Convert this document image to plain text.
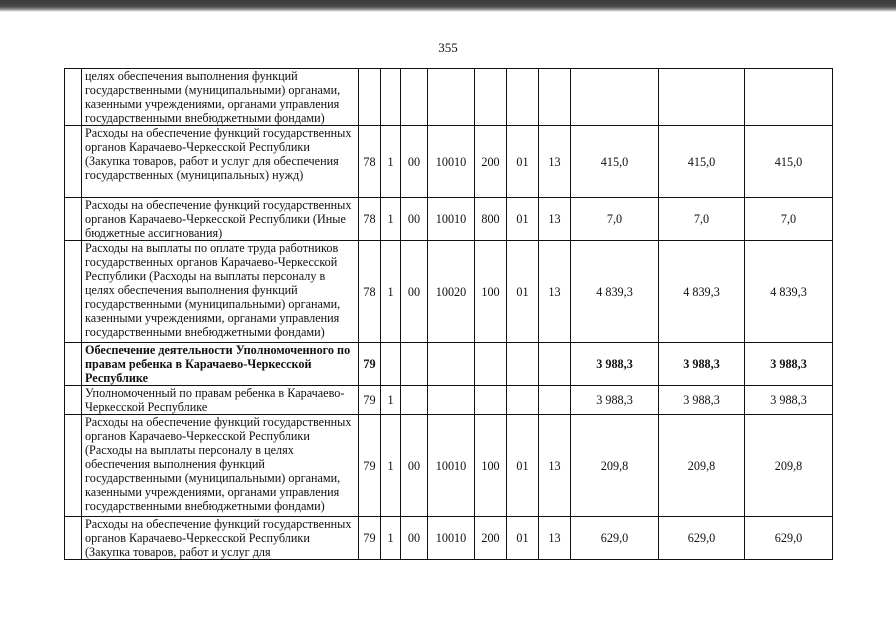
355
	целях обеспечения выполнения функций государственными (муниципальными) органами, казенными учреждениями, органами управления государственными внебюджетными фондами)										
	Расходы на обеспечение функций государственных органов Карачаево-Черкесской Республики (Закупка товаров, работ и услуг для обеспечения государственных (муниципальных) нужд)	78	1	00	10010	200	01	13	415,0	415,0	415,0
	Расходы на обеспечение функций государственных органов Карачаево-Черкесской Республики (Иные бюджетные ассигнования)	78	1	00	10010	800	01	13	7,0	7,0	7,0
	Расходы на выплаты по оплате труда работников государственных органов Карачаево-Черкесской Республики (Расходы на выплаты персоналу в целях обеспечения выполнения функций государственными (муниципальными) органами, казенными учреждениями, органами управления государственными внебюджетными фондами)	78	1	00	10020	100	01	13	4 839,3	4 839,3	4 839,3
	Обеспечение деятельности Уполномоченного по правам ребенка в Карачаево-Черкесской Республике	79							3 988,3	3 988,3	3 988,3
	Уполномоченный по правам ребенка в Карачаево-Черкесской Республике	79	1						3 988,3	3 988,3	3 988,3
	Расходы на обеспечение функций государственных органов Карачаево-Черкесской Республики (Расходы на выплаты персоналу в целях обеспечения выполнения функций государственными (муниципальными) органами, казенными учреждениями, органами управления государственными внебюджетными фондами)	79	1	00	10010	100	01	13	209,8	209,8	209,8
	Расходы на обеспечение функций государственных органов Карачаево-Черкесской Республики (Закупка товаров, работ и услуг для	79	1	00	10010	200	01	13	629,0	629,0	629,0
